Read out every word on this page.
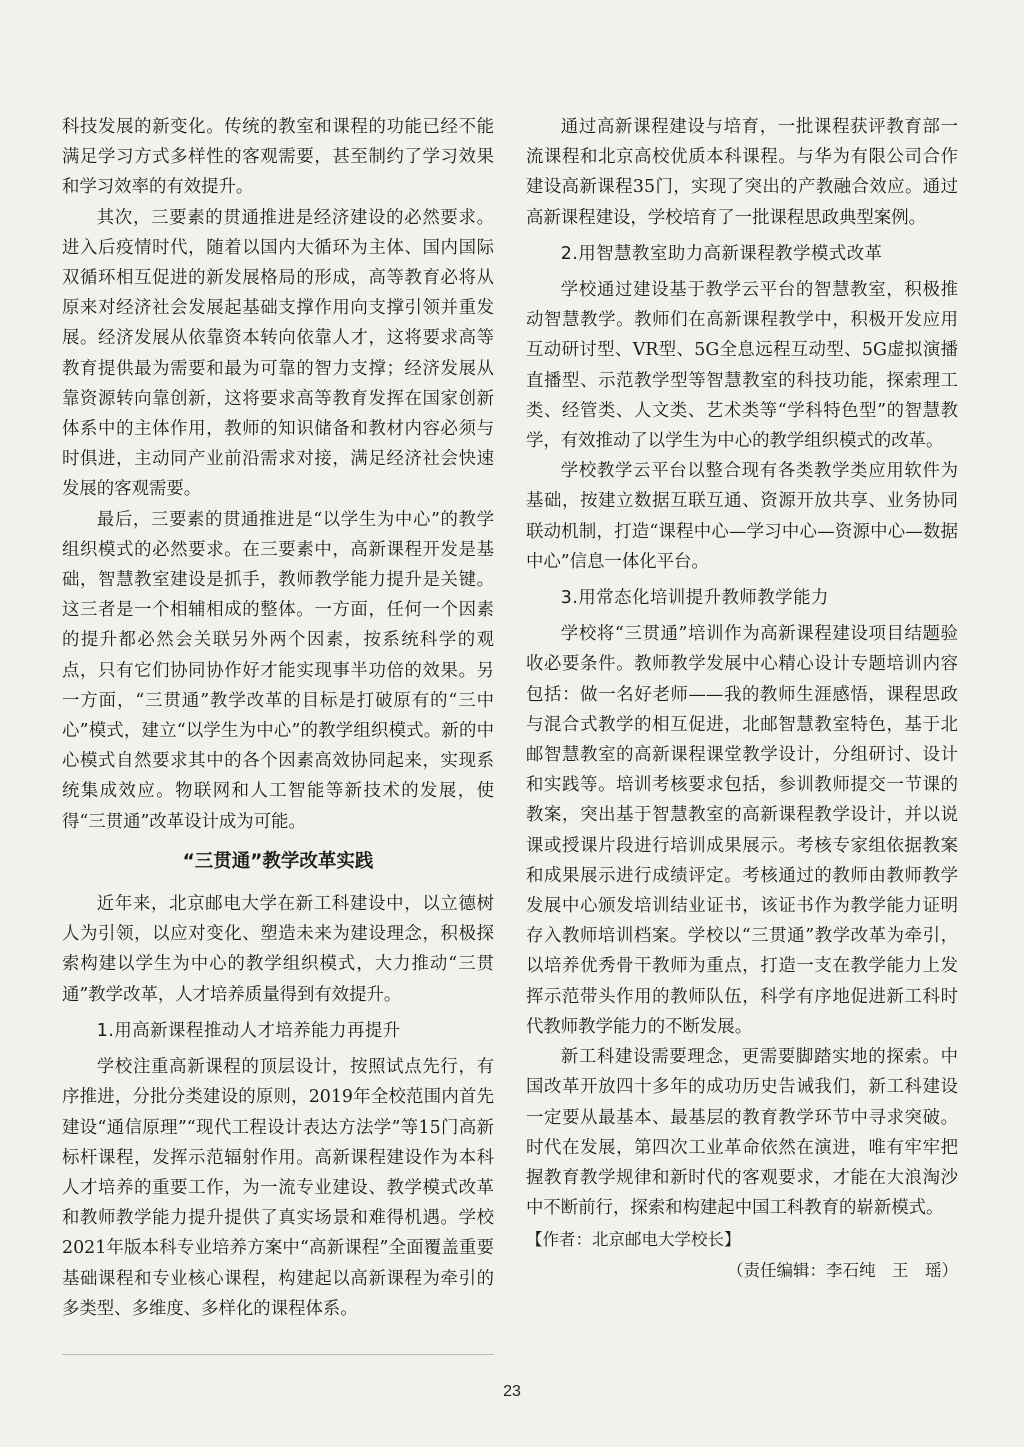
科技发展的新变化。传统的教室和课程的功能已经不能满足学习方式多样性的客观需要，甚至制约了学习效果和学习效率的有效提升。

其次，三要素的贯通推进是经济建设的必然要求。进入后疫情时代，随着以国内大循环为主体、国内国际双循环相互促进的新发展格局的形成，高等教育必将从原来对经济社会发展起基础支撑作用向支撑引领并重发展。经济发展从依靠资本转向依靠人才，这将要求高等教育提供最为需要和最为可靠的智力支撑；经济发展从靠资源转向靠创新，这将要求高等教育发挥在国家创新体系中的主体作用，教师的知识储备和教材内容必须与时俱进，主动同产业前沿需求对接，满足经济社会快速发展的客观需要。

最后，三要素的贯通推进是“以学生为中心”的教学组织模式的必然要求。在三要素中，高新课程开发是基础，智慧教室建设是抓手，教师教学能力提升是关键。这三者是一个相辅相成的整体。一方面，任何一个因素的提升都必然会关联另外两个因素，按系统科学的观点，只有它们协同协作好才能实现事半功倍的效果。另一方面，“三贯通”教学改革的目标是打破原有的“三中心”模式，建立“以学生为中心”的教学组织模式。新的中心模式自然要求其中的各个因素高效协同起来，实现系统集成效应。物联网和人工智能等新技术的发展，使得“三贯通”改革设计成为可能。

“三贯通”教学改革实践

近年来，北京邮电大学在新工科建设中，以立德树人为引领，以应对变化、塑造未来为建设理念，积极探索构建以学生为中心的教学组织模式，大力推动“三贯通”教学改革，人才培养质量得到有效提升。

1.用高新课程推动人才培养能力再提升

学校注重高新课程的顶层设计，按照试点先行，有序推进，分批分类建设的原则，2019年全校范围内首先建设“通信原理”“现代工程设计表达方法学”等15门高新标杆课程，发挥示范辐射作用。高新课程建设作为本科人才培养的重要工作，为一流专业建设、教学模式改革和教师教学能力提升提供了真实场景和难得机遇。学校2021年版本科专业培养方案中“高新课程”全面覆盖重要基础课程和专业核心课程，构建起以高新课程为牵引的多类型、多维度、多样化的课程体系。

通过高新课程建设与培育，一批课程获评教育部一流课程和北京高校优质本科课程。与华为有限公司合作建设高新课程35门，实现了突出的产教融合效应。通过高新课程建设，学校培育了一批课程思政典型案例。

2.用智慧教室助力高新课程教学模式改革

学校通过建设基于教学云平台的智慧教室，积极推动智慧教学。教师们在高新课程教学中，积极开发应用互动研讨型、VR型、5G全息远程互动型、5G虚拟演播直播型、示范教学型等智慧教室的科技功能，探索理工类、经管类、人文类、艺术类等“学科特色型”的智慧教学，有效推动了以学生为中心的教学组织模式的改革。

学校教学云平台以整合现有各类教学类应用软件为基础，按建立数据互联互通、资源开放共享、业务协同联动机制，打造“课程中心—学习中心—资源中心—数据中心”信息一体化平台。

3.用常态化培训提升教师教学能力

学校将“三贯通”培训作为高新课程建设项目结题验收必要条件。教师教学发展中心精心设计专题培训内容包括：做一名好老师——我的教师生涯感悟，课程思政与混合式教学的相互促进，北邮智慧教室特色，基于北邮智慧教室的高新课程课堂教学设计，分组研讨、设计和实践等。培训考核要求包括，参训教师提交一节课的教案，突出基于智慧教室的高新课程教学设计，并以说课或授课片段进行培训成果展示。考核专家组依据教案和成果展示进行成绩评定。考核通过的教师由教师教学发展中心颁发培训结业证书，该证书作为教学能力证明存入教师培训档案。学校以“三贯通”教学改革为牵引，以培养优秀骨干教师为重点，打造一支在教学能力上发挥示范带头作用的教师队伍，科学有序地促进新工科时代教师教学能力的不断发展。

新工科建设需要理念，更需要脚踏实地的探索。中国改革开放四十多年的成功历史告诫我们，新工科建设一定要从最基本、最基层的教育教学环节中寻求突破。时代在发展，第四次工业革命依然在演进，唯有牢牢把握教育教学规律和新时代的客观要求，才能在大浪淘沙中不断前行，探索和构建起中国工科教育的崭新模式。

【作者：北京邮电大学校长】

（责任编辑：李石纯　王　瑶）

23
